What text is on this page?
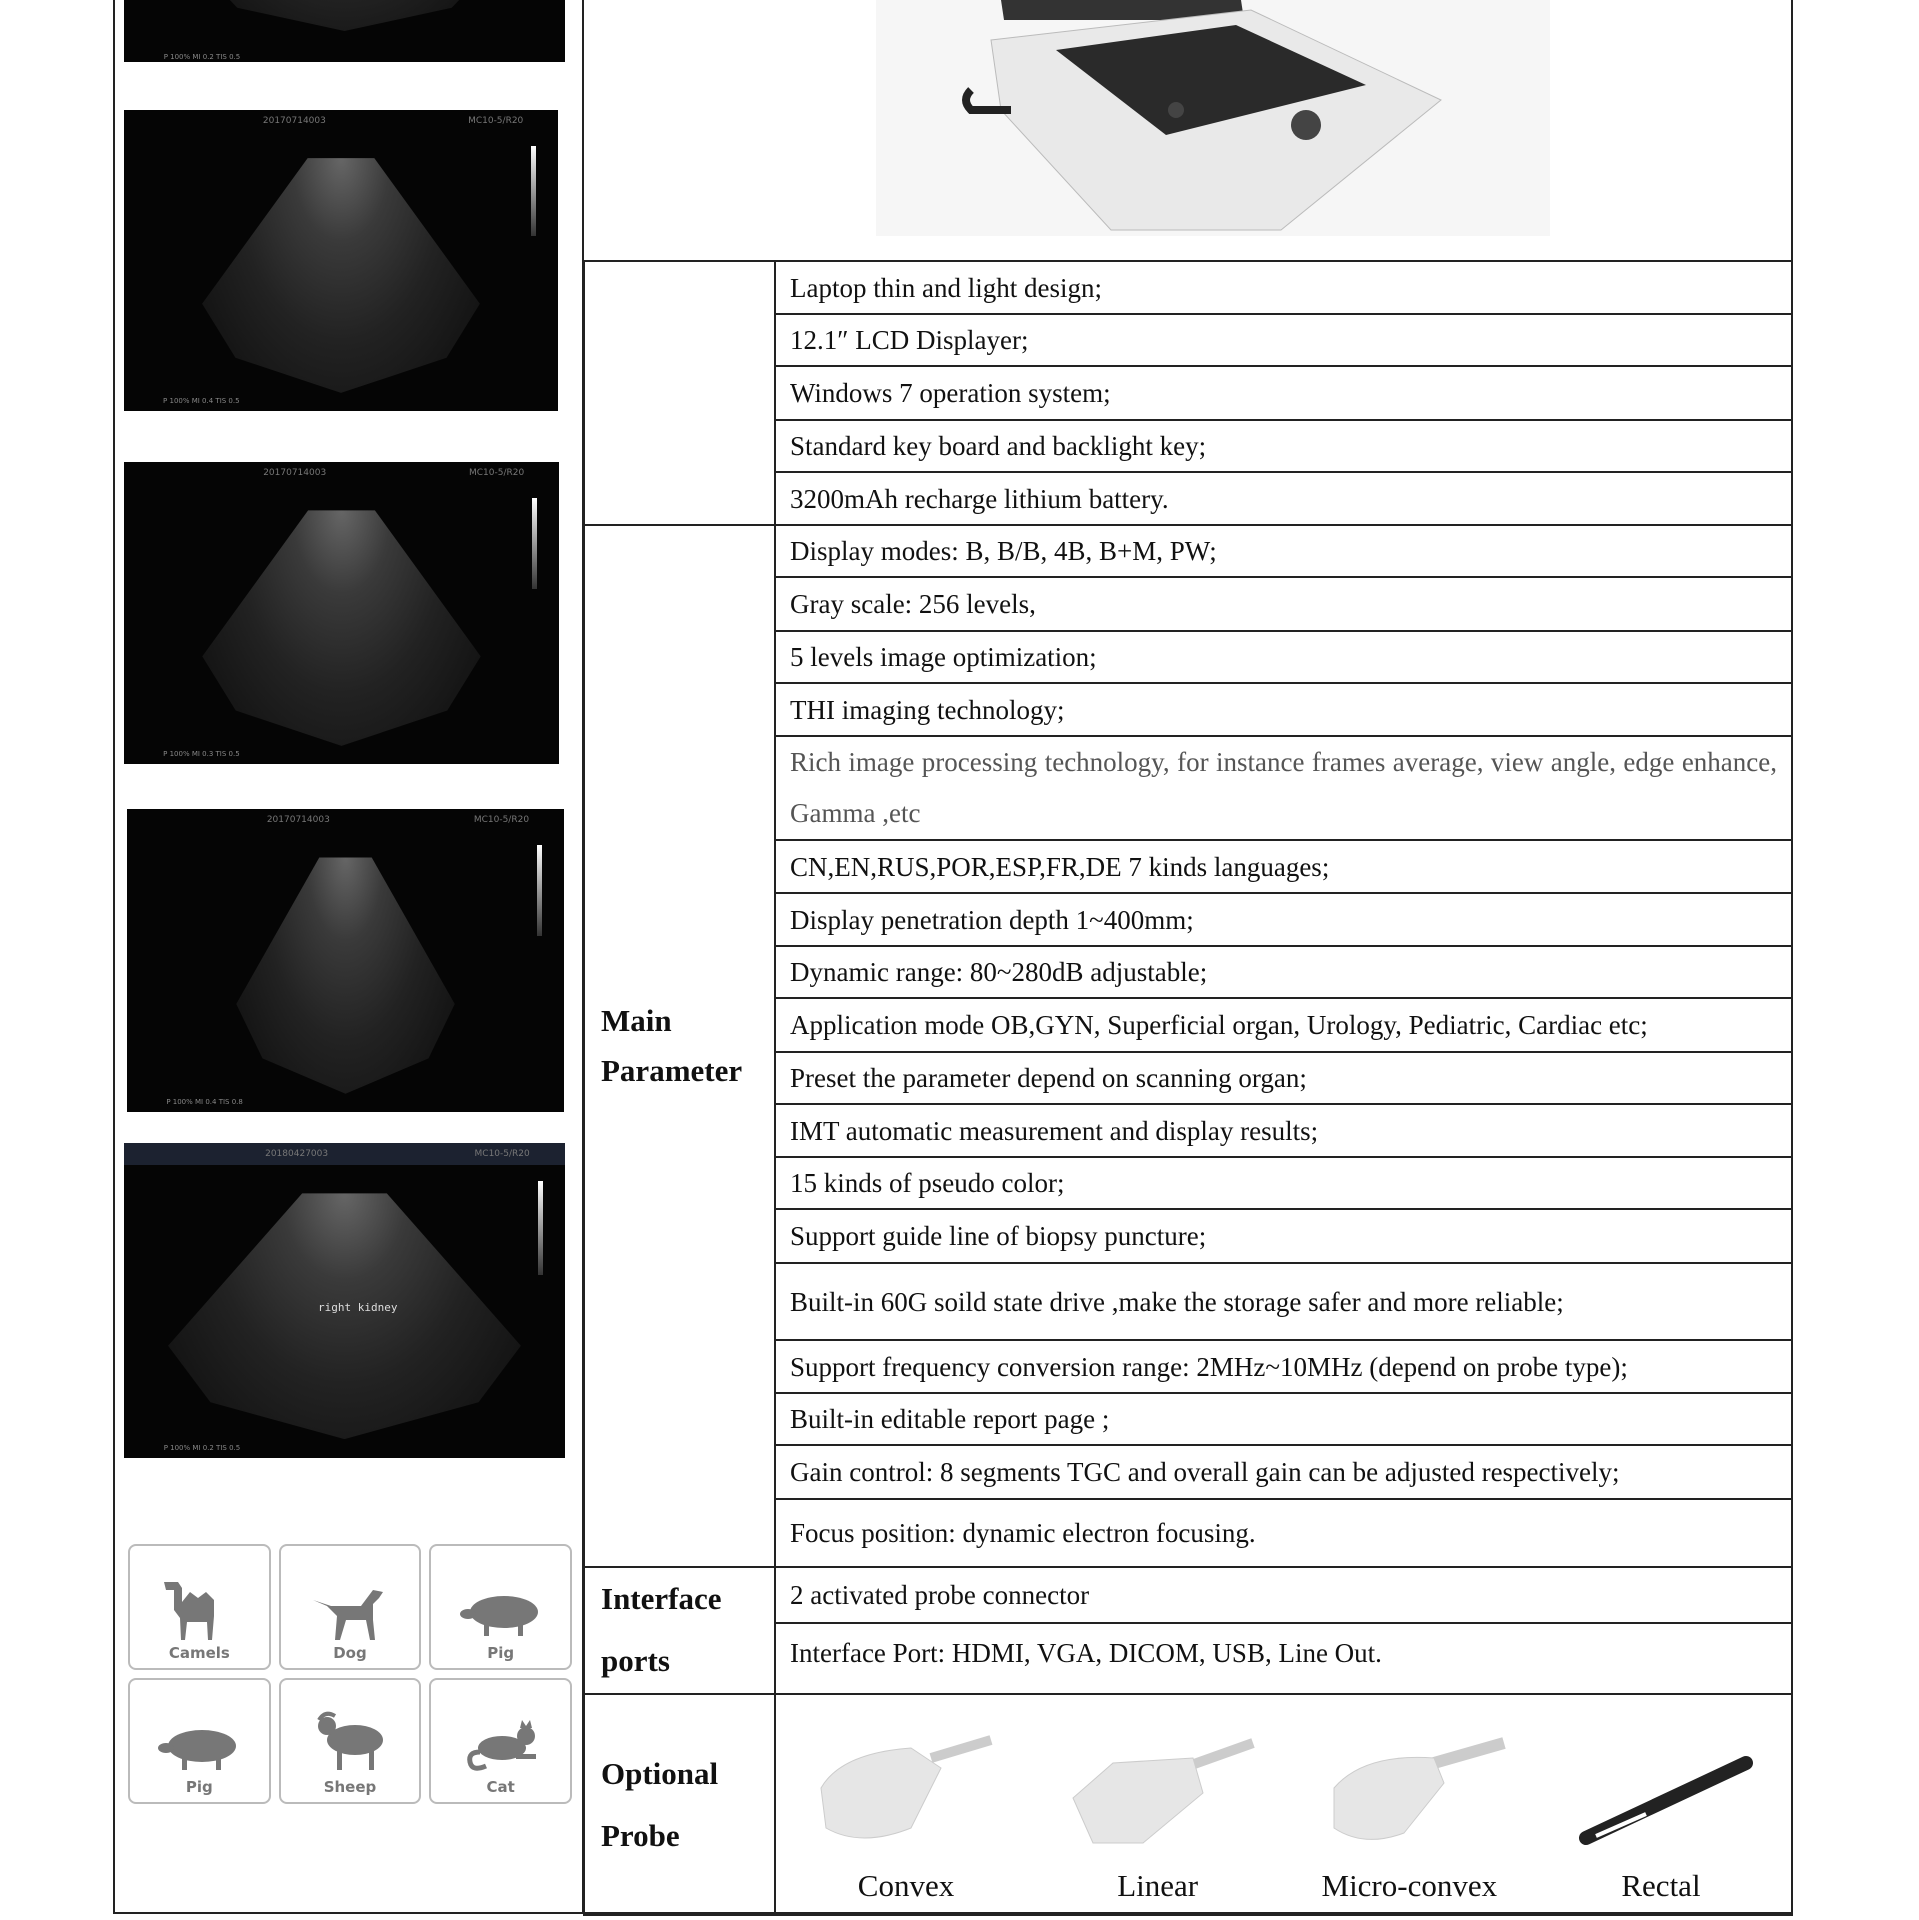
P 100% MI 0.2 TIS 0.5
20170714003	MC10-5/R20
P 100% MI 0.4 TIS 0.5
20170714003	MC10-5/R20
P 100% MI 0.3 TIS 0.5
20170714003	MC10-5/R20
P 100% MI 0.4 TIS 0.8
20180427003	MC10-5/R20
right kidney
P 100% MI 0.2 TIS 0.5
Camels	Dog	Pig
Pig	Sheep	Cat
	Laptop thin and light design;
	12.1″ LCD Displayer;
	Windows 7 operation system;
	Standard key board and backlight key;
	3200mAh recharge lithium battery.
Main Parameter	Display modes: B, B/B, 4B, B+M, PW;
	Gray scale: 256 levels,
	5 levels image optimization;
	THI imaging technology;
	Rich image processing technology, for instance frames average, view angle, edge enhance, Gamma ,etc
	CN,EN,RUS,POR,ESP,FR,DE 7 kinds languages;
	Display penetration depth 1~400mm;
	Dynamic range: 80~280dB adjustable;
	Application mode OB,GYN, Superficial organ, Urology, Pediatric, Cardiac etc;
	Preset the parameter depend on scanning organ;
	IMT automatic measurement and display results;
	15 kinds of pseudo color;
	Support guide line of biopsy puncture;
	Built-in 60G soild state drive ,make the storage safer and more reliable;
	Support frequency conversion range: 2MHz~10MHz (depend on probe type);
	Built-in editable report page ;
	Gain control: 8 segments TGC and overall gain can be adjusted respectively;
	Focus position: dynamic electron focusing.
Interface ports	2 activated probe connector
	Interface Port: HDMI, VGA, DICOM, USB, Line Out.
Optional Probe	Convex Linear Micro-convex Rectal
